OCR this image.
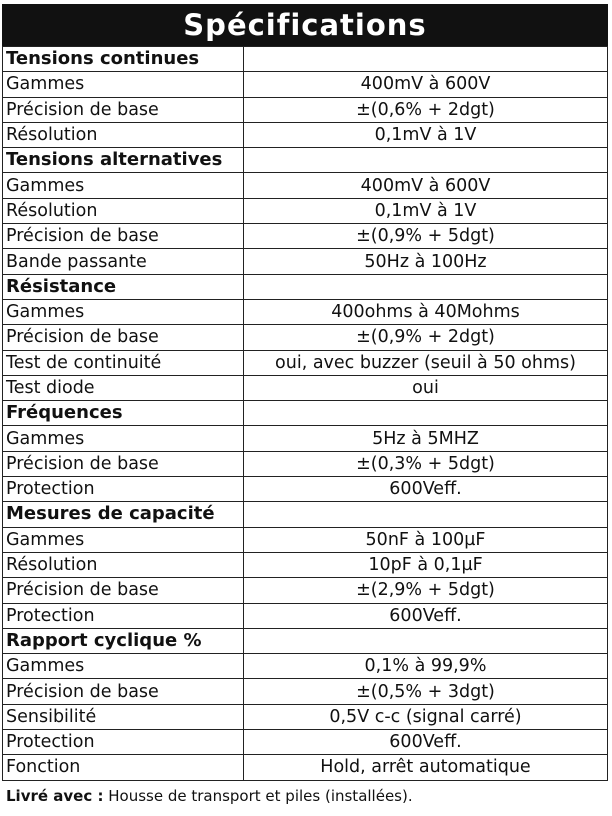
Spécifications
Tensions continues	
Gammes	400mV à 600V
Précision de base	±(0,6% + 2dgt)
Résolution	0,1mV à 1V
Tensions alternatives	
Gammes	400mV à 600V
Résolution	0,1mV à 1V
Précision de base	±(0,9% + 5dgt)
Bande passante	50Hz à 100Hz
Résistance	
Gammes	400ohms à 40Mohms
Précision de base	±(0,9% + 2dgt)
Test de continuité	oui, avec buzzer (seuil à 50 ohms)
Test diode	oui
Fréquences	
Gammes	5Hz à 5MHZ
Précision de base	±(0,3% + 5dgt)
Protection	600Veff.
Mesures de capacité	
Gammes	50nF à 100µF
Résolution	10pF à 0,1µF
Précision de base	±(2,9% + 5dgt)
Protection	600Veff.
Rapport cyclique %	
Gammes	0,1% à 99,9%
Précision de base	±(0,5% + 3dgt)
Sensibilité	0,5V c-c (signal carré)
Protection	600Veff.
Fonction	Hold, arrêt automatique
Livré avec : Housse de transport et piles (installées).
